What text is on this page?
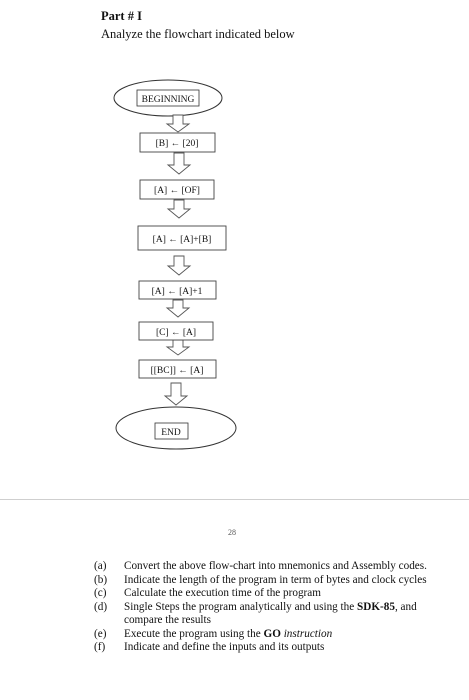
Part # I
Analyze the flowchart indicated below
BEGINNING
[B] ← [20]
[A] ← [OF]
[A] ← [A]+[B]
[A] ← [A]+1
[C] ← [A]
[[BC]] ← [A]
END
28
(a)	Convert the above flow-chart into mnemonics and Assembly codes.
(b)	Indicate the length of the program in term of bytes and clock cycles
(c)	Calculate the execution time of the program
(d)	Single Steps the program analytically and using the SDK-85, and compare the results
(e)	Execute the program using the GO instruction
(f)	Indicate and define the inputs and its outputs
